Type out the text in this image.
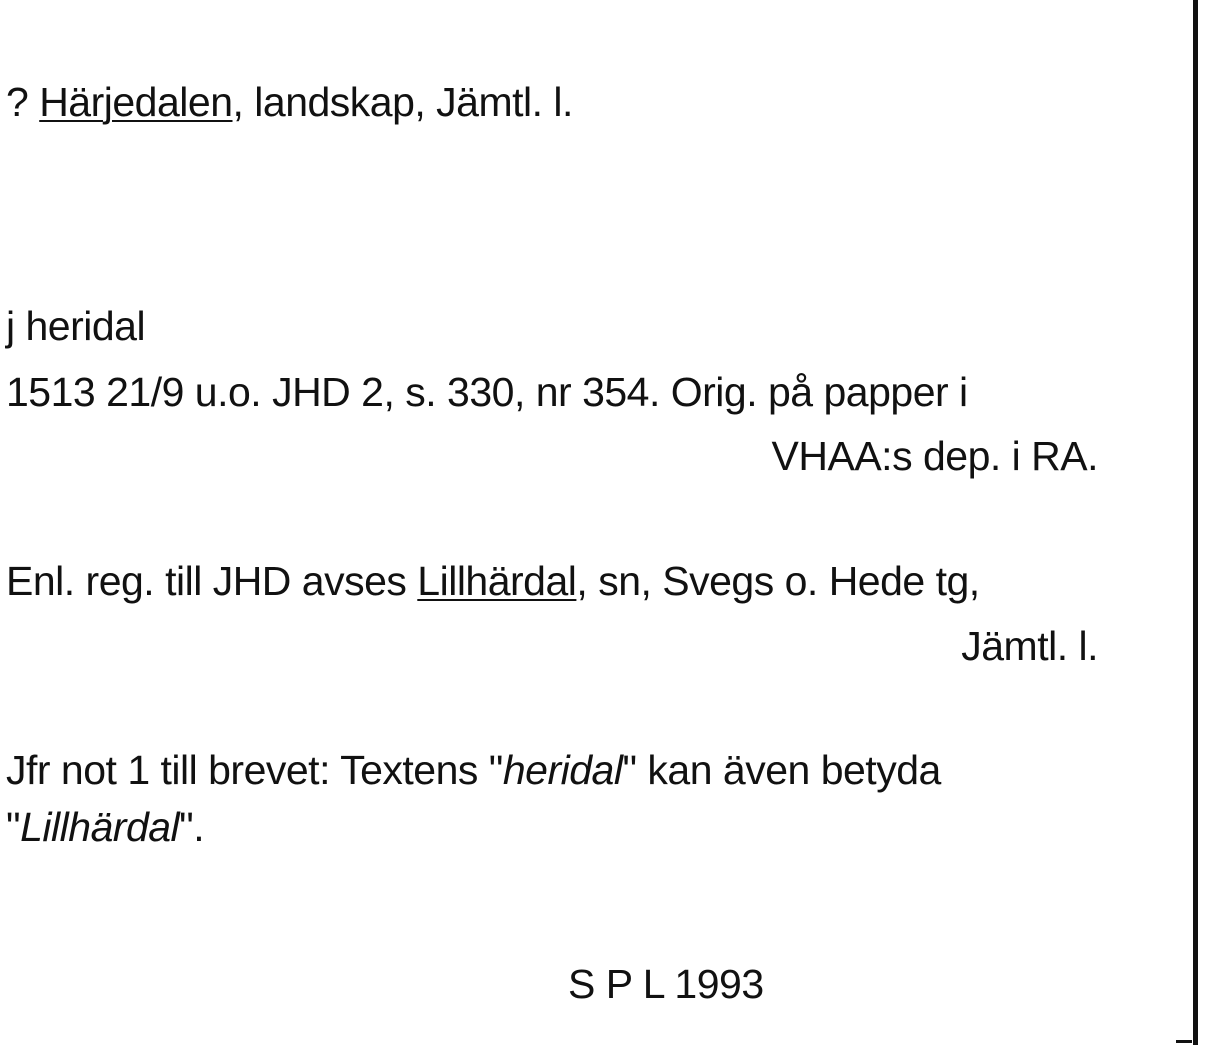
? Härjedalen, landskap, Jämtl. l.
j heridal
1513 21/9 u.o. JHD 2, s. 330, nr 354. Orig. på papper i
VHAA:s dep. i RA.
Enl. reg. till JHD avses Lillhärdal, sn, Svegs o. Hede tg,
Jämtl. l.
Jfr not 1 till brevet: Textens "heridal" kan även betyda
"Lillhärdal".
S P L 1993
